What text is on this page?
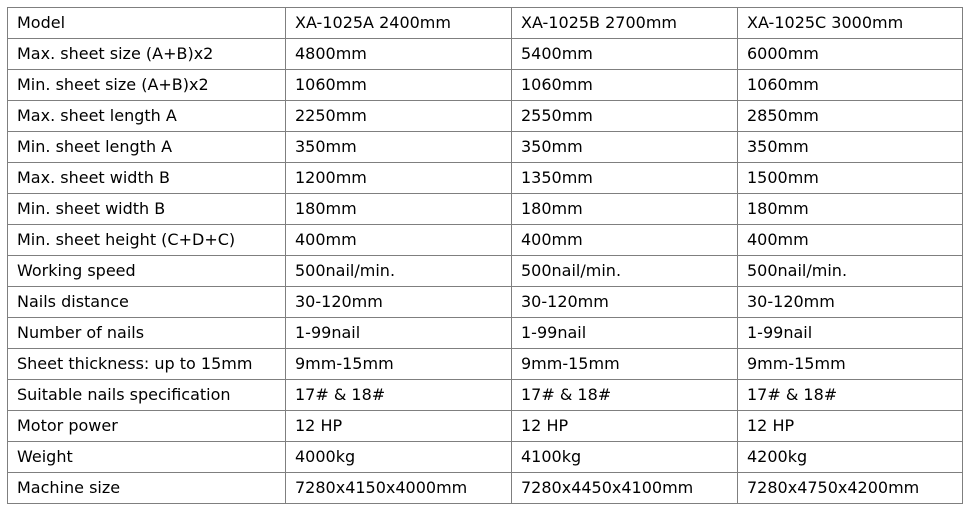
Model	XA-1025A 2400mm	XA-1025B 2700mm	XA-1025C 3000mm
Max. sheet size (A+B)x2	4800mm	5400mm	6000mm
Min. sheet size (A+B)x2	1060mm	1060mm	1060mm
Max. sheet length A	2250mm	2550mm	2850mm
Min. sheet length A	350mm	350mm	350mm
Max. sheet width B	1200mm	1350mm	1500mm
Min. sheet width B	180mm	180mm	180mm
Min. sheet height (C+D+C)	400mm	400mm	400mm
Working speed	500nail/min.	500nail/min.	500nail/min.
Nails distance	30-120mm	30-120mm	30-120mm
Number of nails	1-99nail	1-99nail	1-99nail
Sheet thickness: up to 15mm	9mm-15mm	9mm-15mm	9mm-15mm
Suitable nails specification	17# & 18#	17# & 18#	17# & 18#
Motor power	12 HP	12 HP	12 HP
Weight	4000kg	4100kg	4200kg
Machine size	7280x4150x4000mm	7280x4450x4100mm	7280x4750x4200mm
